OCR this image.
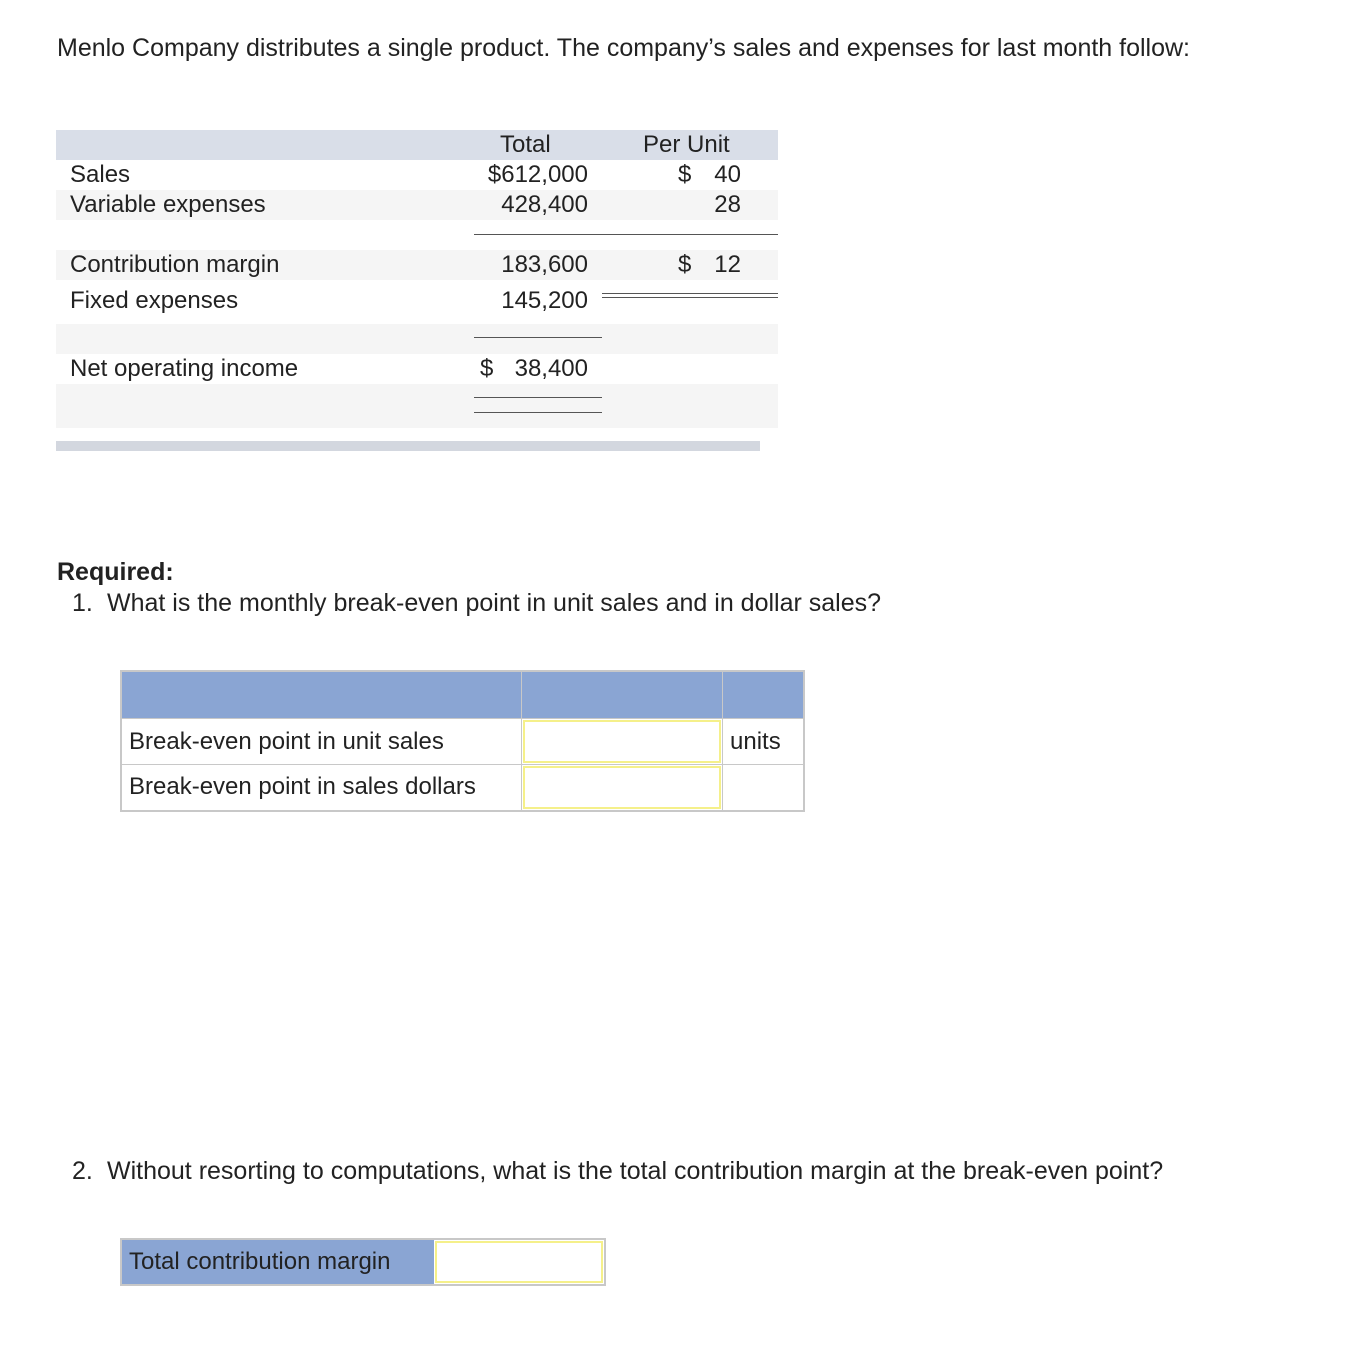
Menlo Company distributes a single product. The company’s sales and expenses for last month follow:
Total	Per Unit
Sales	$612,000	$ 40
Variable expenses	428,400	28
Contribution margin	183,600	$ 12
Fixed expenses	145,200
Net operating income	$ 38,400
Required:
1. What is the monthly break-even point in unit sales and in dollar sales?

Break-even point in unit sales		units
Break-even point in sales dollars		
2. Without resorting to computations, what is the total contribution margin at the break-even point?
Total contribution margin
